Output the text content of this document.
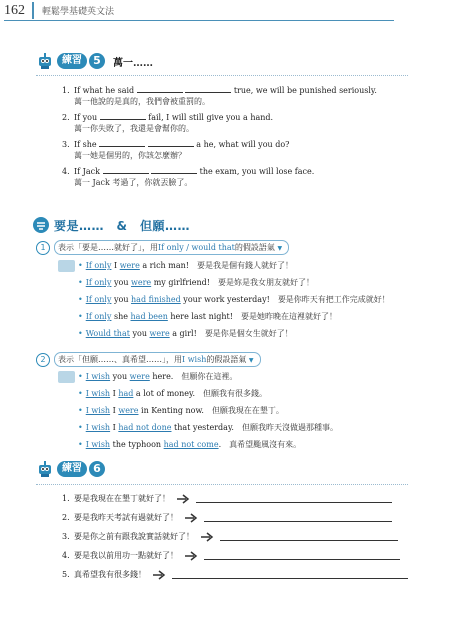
162 輕鬆學基礎英文法
練習	5	萬一……
1. If what he said	true, we will be punished seriously.
萬一他說的是真的，我們會被重罰的。
2. If you	fail, I will still give you a hand.
萬一你失敗了，我還是會幫你的。
3. If she	a he, what will you do?
萬一她是個男的，你該怎麼辦？
4. If Jack	the exam, you will lose face.
萬一 Jack 考過了，你就丟臉了。
要是……　&　但願……
1	表示「要是……就好了」，用If only / would that的假設語氣 ▼
• If only I were a rich man! 要是我是個有錢人就好了！
• If only you were my girlfriend! 要是妳是我女朋友就好了！
• If only you had finished your work yesterday! 要是你昨天有把工作完成就好！
• If only she had been here last night! 要是她昨晚在這裡就好了！
• Would that you were a girl! 要是你是個女生就好了！
2	表示「但願……、真希望……」，用I wish的假設語氣 ▼
• I wish you were here. 但願你在這裡。
• I wish I had a lot of money. 但願我有很多錢。
• I wish I were in Kenting now. 但願我現在在墾丁。
• I wish I had not done that yesterday. 但願我昨天沒做過那種事。
• I wish the typhoon had not come. 真希望颱風沒有來。
練習	6
1. 要是我現在在墾丁就好了！
2. 要是我昨天考試有過就好了！
3. 要是你之前有跟我說實話就好了！
4. 要是我以前用功一點就好了！
5. 真希望我有很多錢！
